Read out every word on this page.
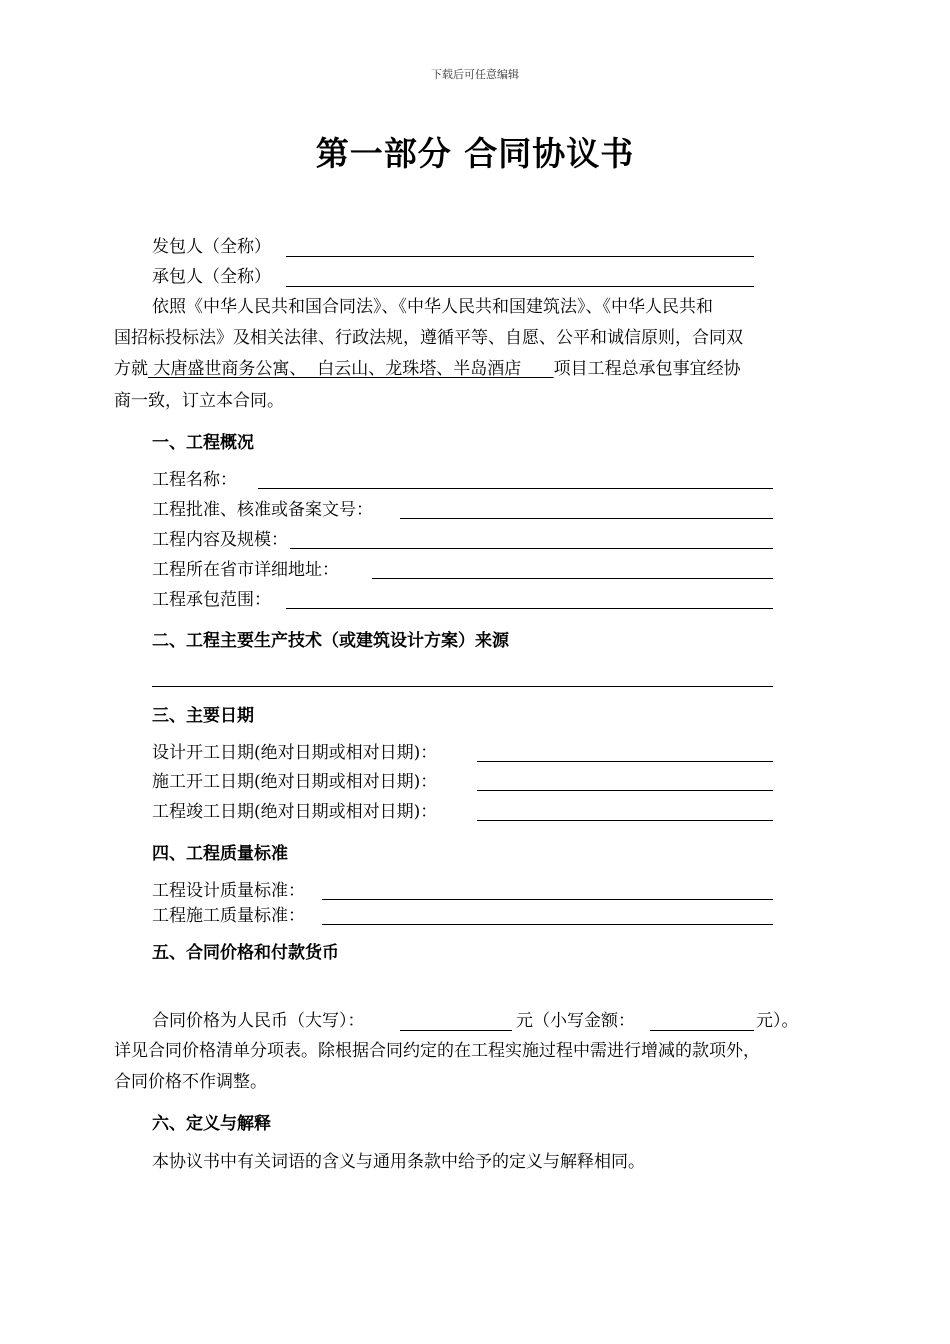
下载后可任意编辑
第一部分 合同协议书
发包人（全称）
承包人（全称）
依照《中华人民共和国合同法》、《中华人民共和国建筑法》、《中华人民共和
国招标投标法》及相关法律、行政法规，遵循平等、自愿、公平和诚信原则，合同双
方就 大唐盛世商务公寓、  白云山、龙珠塔、半岛酒店      项目工程总承包事宜经协
商一致，订立本合同。
一、工程概况
工程名称：
工程批准、核准或备案文号：
工程内容及规模：
工程所在省市详细地址：
工程承包范围：
二、工程主要生产技术（或建筑设计方案）来源
三、主要日期
设计开工日期(绝对日期或相对日期)：
施工开工日期(绝对日期或相对日期)：
工程竣工日期(绝对日期或相对日期)：
四、工程质量标准
工程设计质量标准：
工程施工质量标准：
五、合同价格和付款货币
合同价格为人民币（大写）：	元（小写金额：	元）。
详见合同价格清单分项表。除根据合同约定的在工程实施过程中需进行增减的款项外，
合同价格不作调整。
六、定义与解释
本协议书中有关词语的含义与通用条款中给予的定义与解释相同。
